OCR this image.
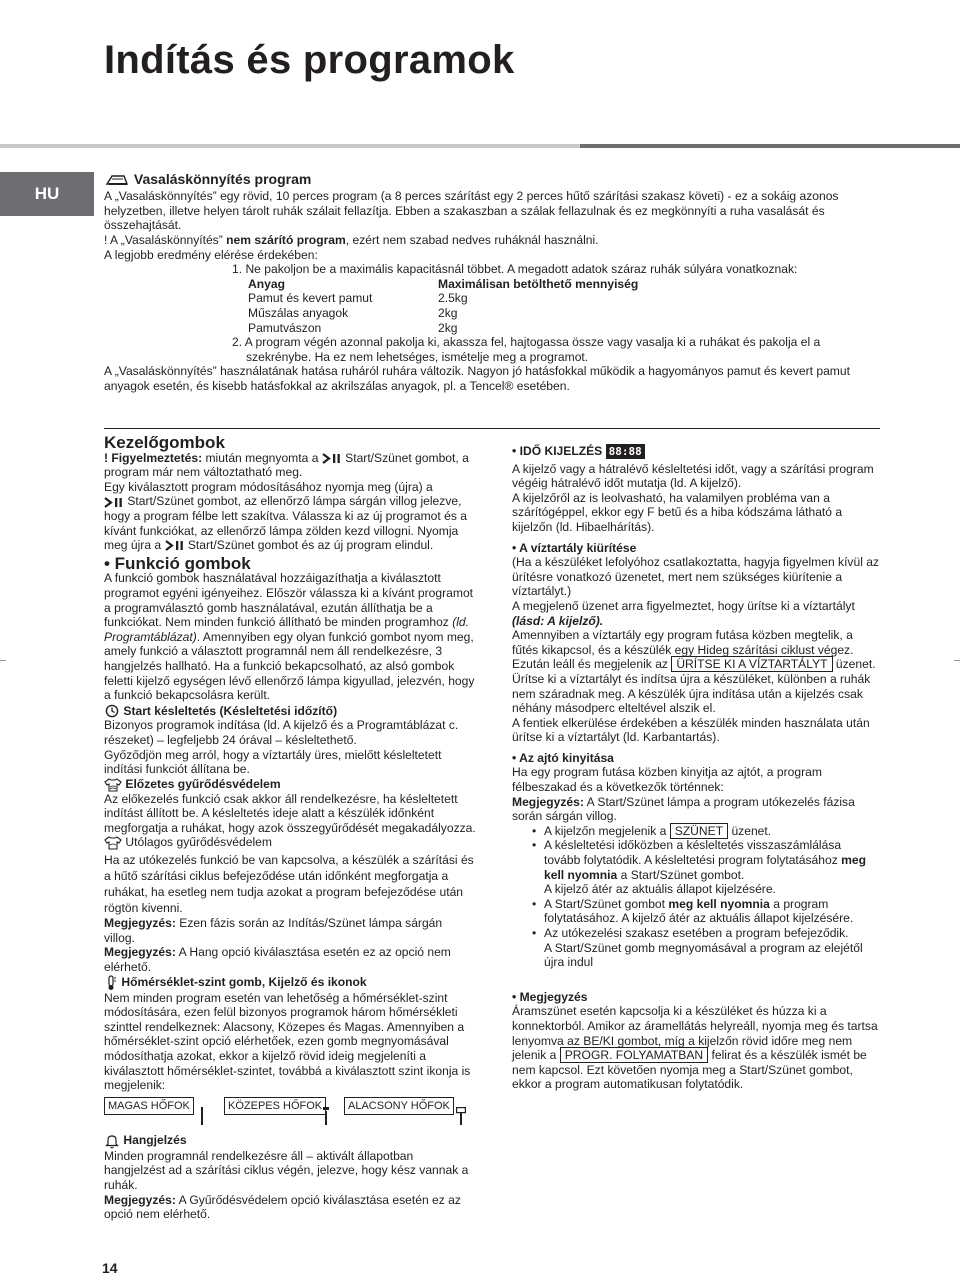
Indítás és programok
HU
Vasaláskönnyítés program

A „Vasaláskönnyítés” egy rövid, 10 perces program (a 8 perces szárítást egy 2 perces hűtő szárítási szakasz követi) - ez a sokáig azonos helyzetben, illetve helyen tárolt ruhák szálait fellazítja. Ebben a szakaszban a szálak fellazulnak és ez megkönnyíti a ruha vasalását és összehajtását.

! A „Vasaláskönnyítés” nem szárító program, ezért nem szabad nedves ruháknál használni.

A legjobb eredmény elérése érdekében:

1. Ne pakoljon be a maximális kapacitásnál többet. A megadott adatok száraz ruhák súlyára vonatkoznak:

Anyag	Maximálisan betölthető mennyiség
Pamut és kevert pamut	2.5kg
Műszálas anyagok	2kg
Pamutvászon	2kg

2. A program végén azonnal pakolja ki, akassza fel, hajtogassa össze vagy vasalja ki a ruhákat és pakolja el a

szekrénybe. Ha ez nem lehetséges, ismételje meg a programot.

A „Vasaláskönnyítés” használatának hatása ruháról ruhára változik. Nagyon jó hatásfokkal működik a hagyományos pamut és kevert pamut anyagok esetén, és kisebb hatásfokkal az akrilszálas anyagok, pl. a Tencel® esetében.

Kezelőgombok

! Figyelmeztetés: miután megnyomta a  Start/Szünet gombot, a program már nem változtatható meg.

Egy kiválasztott program módosításához nyomja meg (újra) a
Start/Szünet gombot, az ellenőrző lámpa sárgán villog jelezve, hogy a program félbe lett szakítva. Válassza ki az új programot és a kívánt funkciókat, az ellenőrző lámpa zölden kezd villogni. Nyomja meg újra a  Start/Szünet gombot és az új program elindul.

• Funkció gombok

A funkció gombok használatával hozzáigazíthatja a kiválasztott programot egyéni igényeihez. Először válassza ki a kívánt programot a programválasztó gomb használatával, ezután állíthatja be a funkciókat. Nem minden funkció állítható be minden programhoz (ld. Programtáblázat). Amennyiben egy olyan funkció gombot nyom meg, amely funkció a választott programnál nem áll rendelkezésre, 3 hangjelzés hallható. Ha a funkció bekapcsolható, az alsó gombok feletti kijelző egységen lévő ellenőrző lámpa kigyullad, jelezvén, hogy a funkció bekapcsolásra került.

Start késleltetés (Késleltetési időzítő)

Bizonyos programok indítása (ld. A kijelző és a Programtáblázat c. részeket) – legfeljebb 24 órával – késleltethető.

Győződjön meg arról, hogy a víztartály üres, mielőtt késleltetett indítási funkciót állítana be.

Előzetes gyűrődésvédelem

Az előkezelés funkció csak akkor áll rendelkezésre, ha késleltetett indítást állított be. A késleltetés ideje alatt a készülék időnként megforgatja a ruhákat, hogy azok összegyűrődését megakadályozza.

Utólagos gyűrődésvédelem

Ha az utókezelés funkció be van kapcsolva, a készülék a szárítási és a hűtő szárítási ciklus befejeződése után időnként megforgatja a ruhákat, ha esetleg nem tudja azokat a program befejeződése után rögtön kivenni.

Megjegyzés: Ezen fázis során az Indítás/Szünet lámpa sárgán villog.

Megjegyzés: A Hang opció kiválasztása esetén ez az opció nem elérhető.

Hőmérséklet-szint gomb, Kijelző és ikonok

Nem minden program esetén van lehetőség a hőmérséklet-szint módosítására, ezen felül bizonyos programok három hőmérsékleti szinttel rendelkeznek: Alacsony, Közepes és Magas. Amennyiben a hőmérséklet-szint opció elérhetőek, ezen gomb megnyomásával módosíthatja azokat, ekkor a kijelző rövid ideig megjeleníti a kiválasztott hőmérséklet-szintet, továbbá a kiválasztott szint ikonja is megjelenik:

MAGAS HŐFOK	KÖZEPES HŐFOK	ALACSONY HŐFOK
Hangjelzés

Minden programnál rendelkezésre áll – aktivált állapotban hangjelzést ad a szárítási ciklus végén, jelezve, hogy kész vannak a ruhák.

Megjegyzés: A Gyűrődésvédelem opció kiválasztása esetén ez az opció nem elérhető.

• IDŐ KIJELZÉS 88:88

A kijelző vagy a hátralévő késleltetési időt, vagy a szárítási program végéig hátralévő időt mutatja (ld. A kijelző).

A kijelzőről az is leolvasható, ha valamilyen probléma van a szárítógéppel, ekkor egy F betű és a hiba kódszáma látható a kijelzőn (ld. Hibaelhárítás).

• A víztartály kiürítése

(Ha a készüléket lefolyóhoz csatlakoztatta, hagyja figyelmen kívül az ürítésre vonatkozó üzenetet, mert nem szükséges kiürítenie a víztartályt.)

A megjelenő üzenet arra figyelmeztet, hogy ürítse ki a víztartályt (lásd: A kijelző).

Amennyiben a víztartály egy program futása közben megtelik, a fűtés kikapcsol, és a készülék egy Hideg szárítási ciklust végez. Ezután leáll és megjelenik az ÜRÍTSE KI A VÍZTARTÁLYT üzenet. Ürítse ki a víztartályt és indítsa újra a készüléket, különben a ruhák nem száradnak meg. A készülék újra indítása után a kijelzés csak néhány másodperc elteltével alszik el.

A fentiek elkerülése érdekében a készülék minden használata után ürítse ki a víztartályt (ld. Karbantartás).

• Az ajtó kinyitása

Ha egy program futása közben kinyitja az ajtót, a program félbeszakad és a következők történnek:

Megjegyzés: A Start/Szünet lámpa a program utókezelés fázisa során sárgán villog.

• A kijelzőn megjelenik a SZÜNET üzenet.
• A késleltetési időközben a késleltetés visszaszámlálása tovább folytatódik. A késleltetési program folytatásához meg kell nyomnia a Start/Szünet gombot.
A kijelző átér az aktuális állapot kijelzésére.
• A Start/Szünet gombot meg kell nyomnia a program folytatásához. A kijelző átér az aktuális állapot kijelzésére.
• Az utókezelési szakasz esetében a program befejeződik.
A Start/Szünet gomb megnyomásával a program az elejétől újra indul
• Megjegyzés

Áramszünet esetén kapcsolja ki a készüléket és húzza ki a konnektorból. Amikor az áramellátás helyreáll, nyomja meg és tartsa lenyomva az BE/KI gombot, míg a kijelzőn rövid időre meg nem jelenik a PROGR. FOLYAMATBAN felirat és a készülék ismét be nem kapcsol. Ezt követően nyomja meg a Start/Szünet gombot, ekkor a program automatikusan folytatódik.

14
